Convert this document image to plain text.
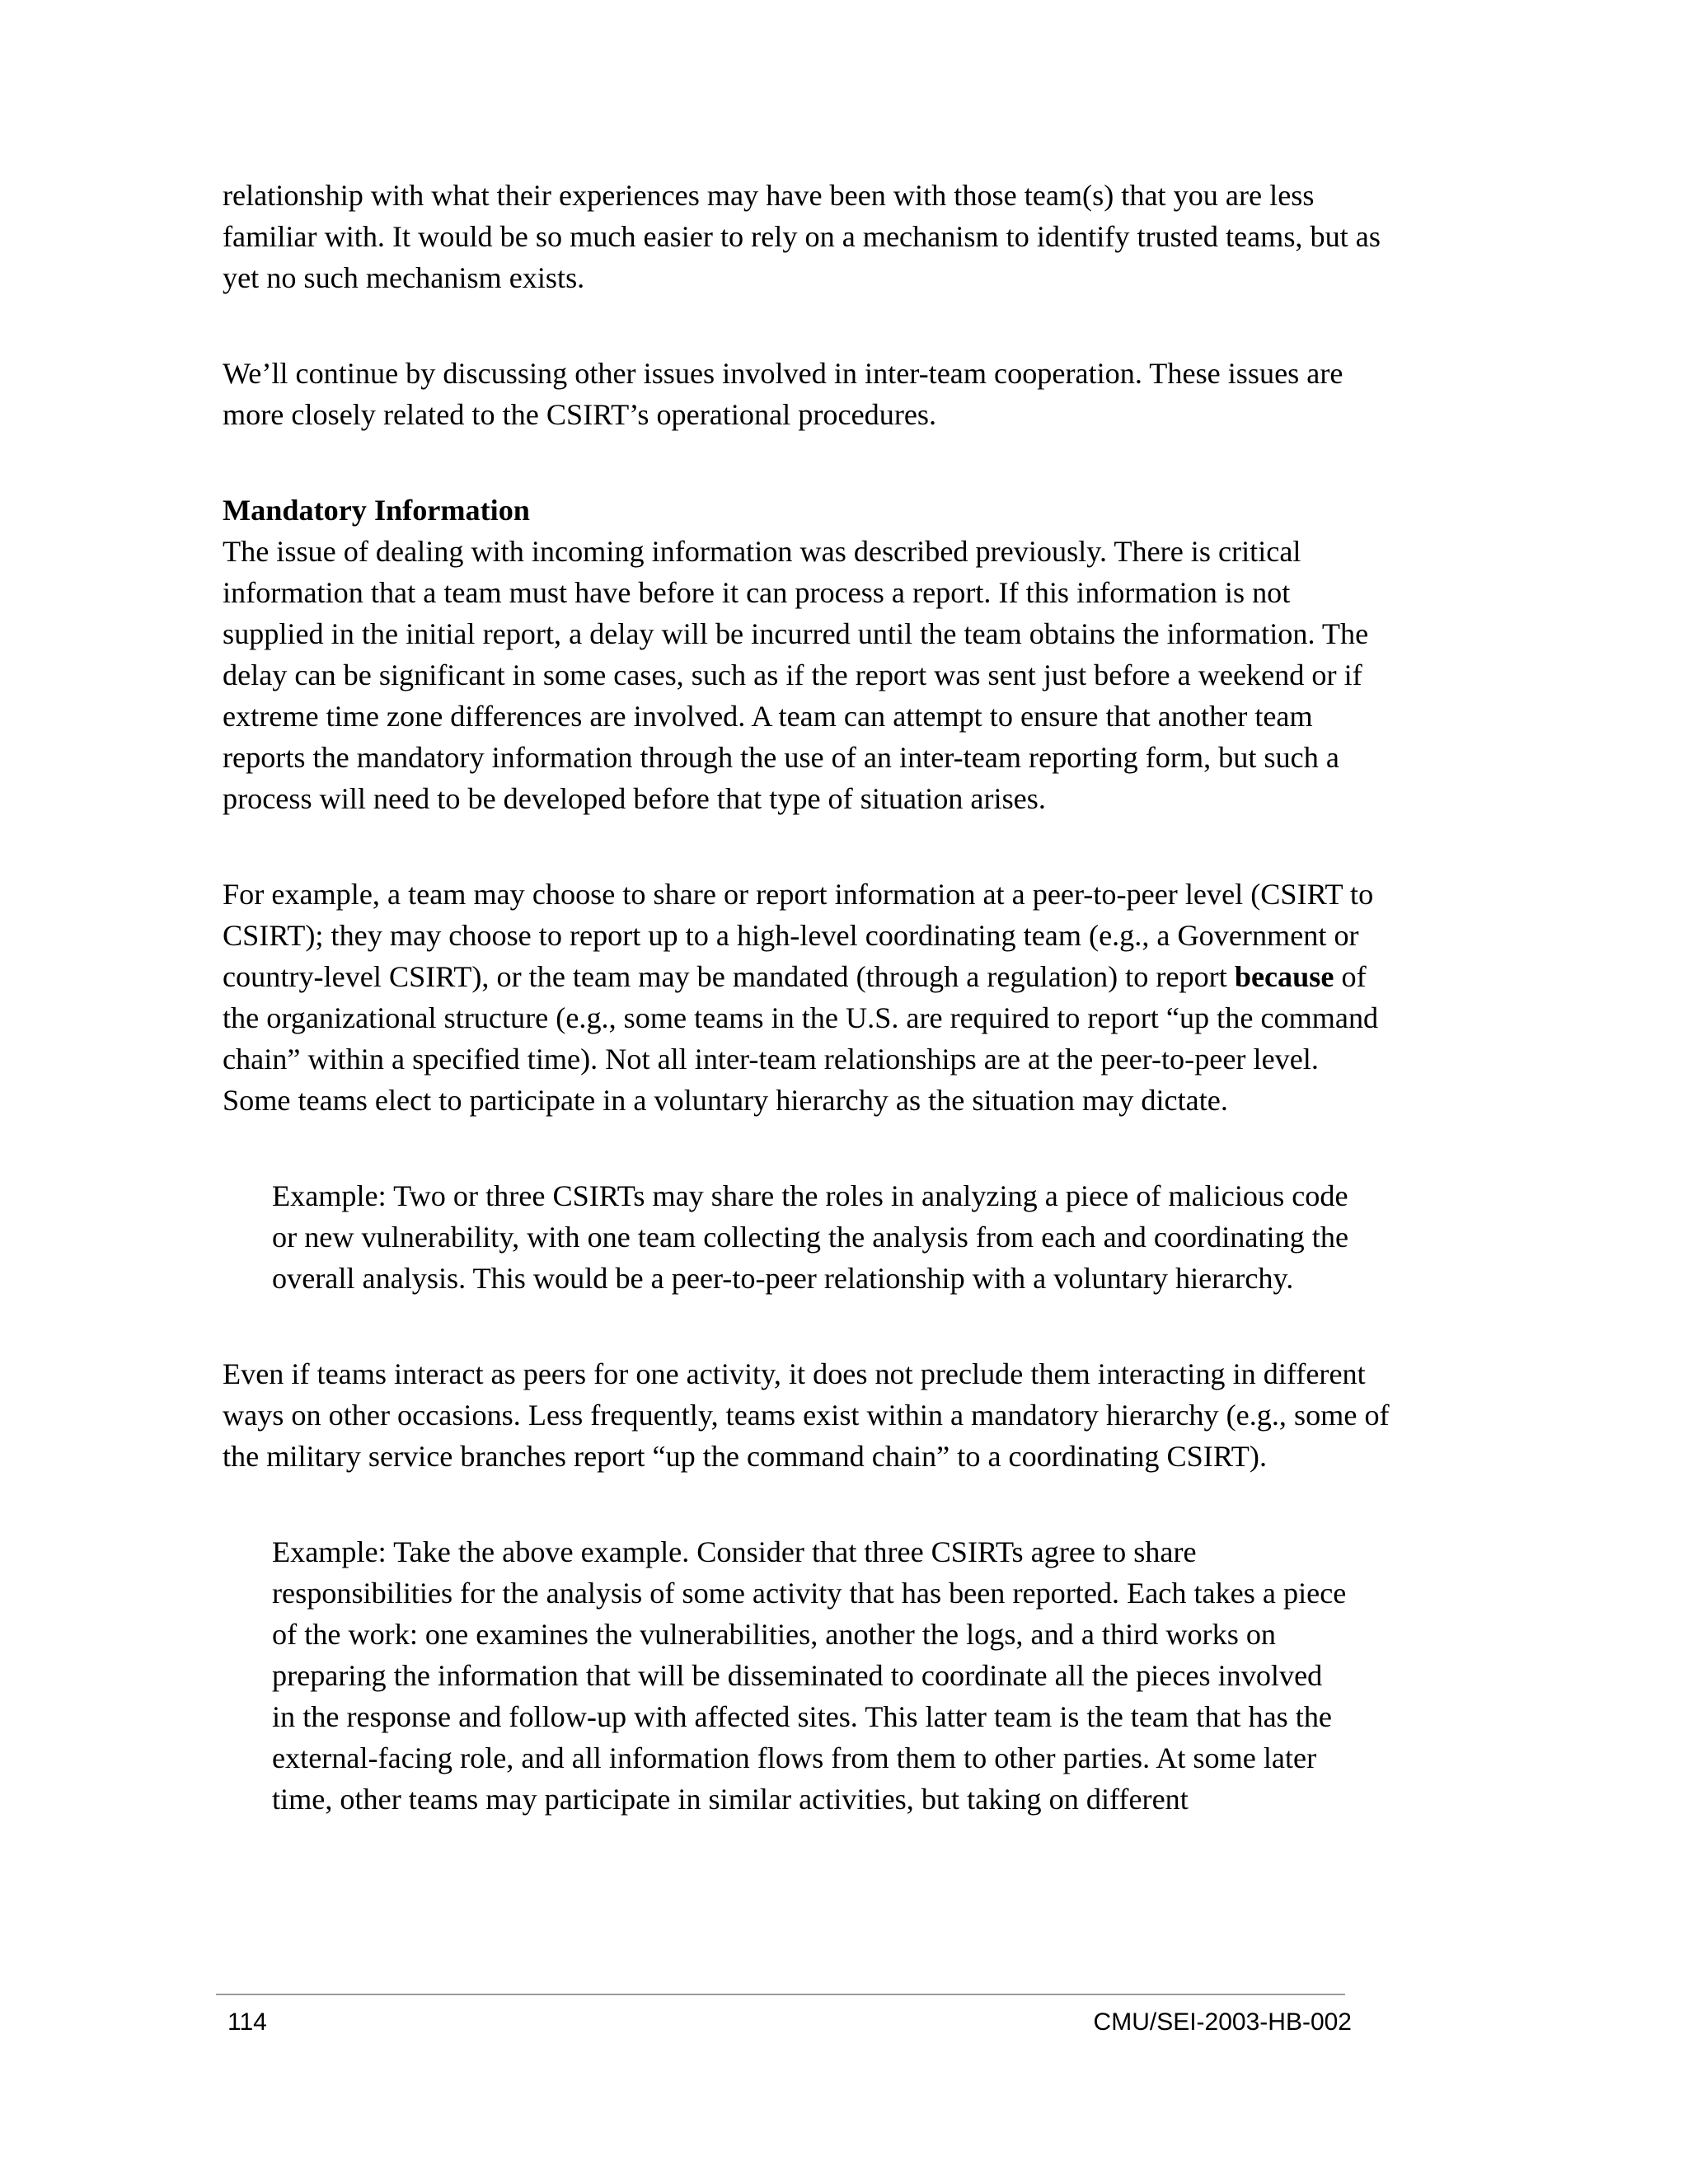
relationship with what their experiences may have been with those team(s) that you are less familiar with. It would be so much easier to rely on a mechanism to identify trusted teams, but as yet no such mechanism exists.

We’ll continue by discussing other issues involved in inter-team cooperation. These issues are more closely related to the CSIRT’s operational procedures.

Mandatory Information

The issue of dealing with incoming information was described previously. There is critical information that a team must have before it can process a report. If this information is not supplied in the initial report, a delay will be incurred until the team obtains the information. The delay can be significant in some cases, such as if the report was sent just before a weekend or if extreme time zone differences are involved. A team can attempt to ensure that another team reports the mandatory information through the use of an inter-team reporting form, but such a process will need to be developed before that type of situation arises.

For example, a team may choose to share or report information at a peer-to-peer level (CSIRT to CSIRT); they may choose to report up to a high-level coordinating team (e.g., a Government or country-level CSIRT), or the team may be mandated (through a regulation) to report because of the organizational structure (e.g., some teams in the U.S. are required to report “up the command chain” within a specified time). Not all inter-team relationships are at the peer-to-peer level. Some teams elect to participate in a voluntary hierarchy as the situation may dictate.

Example: Two or three CSIRTs may share the roles in analyzing a piece of malicious code or new vulnerability, with one team collecting the analysis from each and coordinating the overall analysis. This would be a peer-to-peer relationship with a voluntary hierarchy.

Even if teams interact as peers for one activity, it does not preclude them interacting in different ways on other occasions. Less frequently, teams exist within a mandatory hierarchy (e.g., some of the military service branches report “up the command chain” to a coordinating CSIRT).

Example: Take the above example. Consider that three CSIRTs agree to share responsibilities for the analysis of some activity that has been reported. Each takes a piece of the work: one examines the vulnerabilities, another the logs, and a third works on preparing the information that will be disseminated to coordinate all the pieces involved in the response and follow-up with affected sites. This latter team is the team that has the external-facing role, and all information flows from them to other parties. At some later time, other teams may participate in similar activities, but taking on different

114	CMU/SEI-2003-HB-002
